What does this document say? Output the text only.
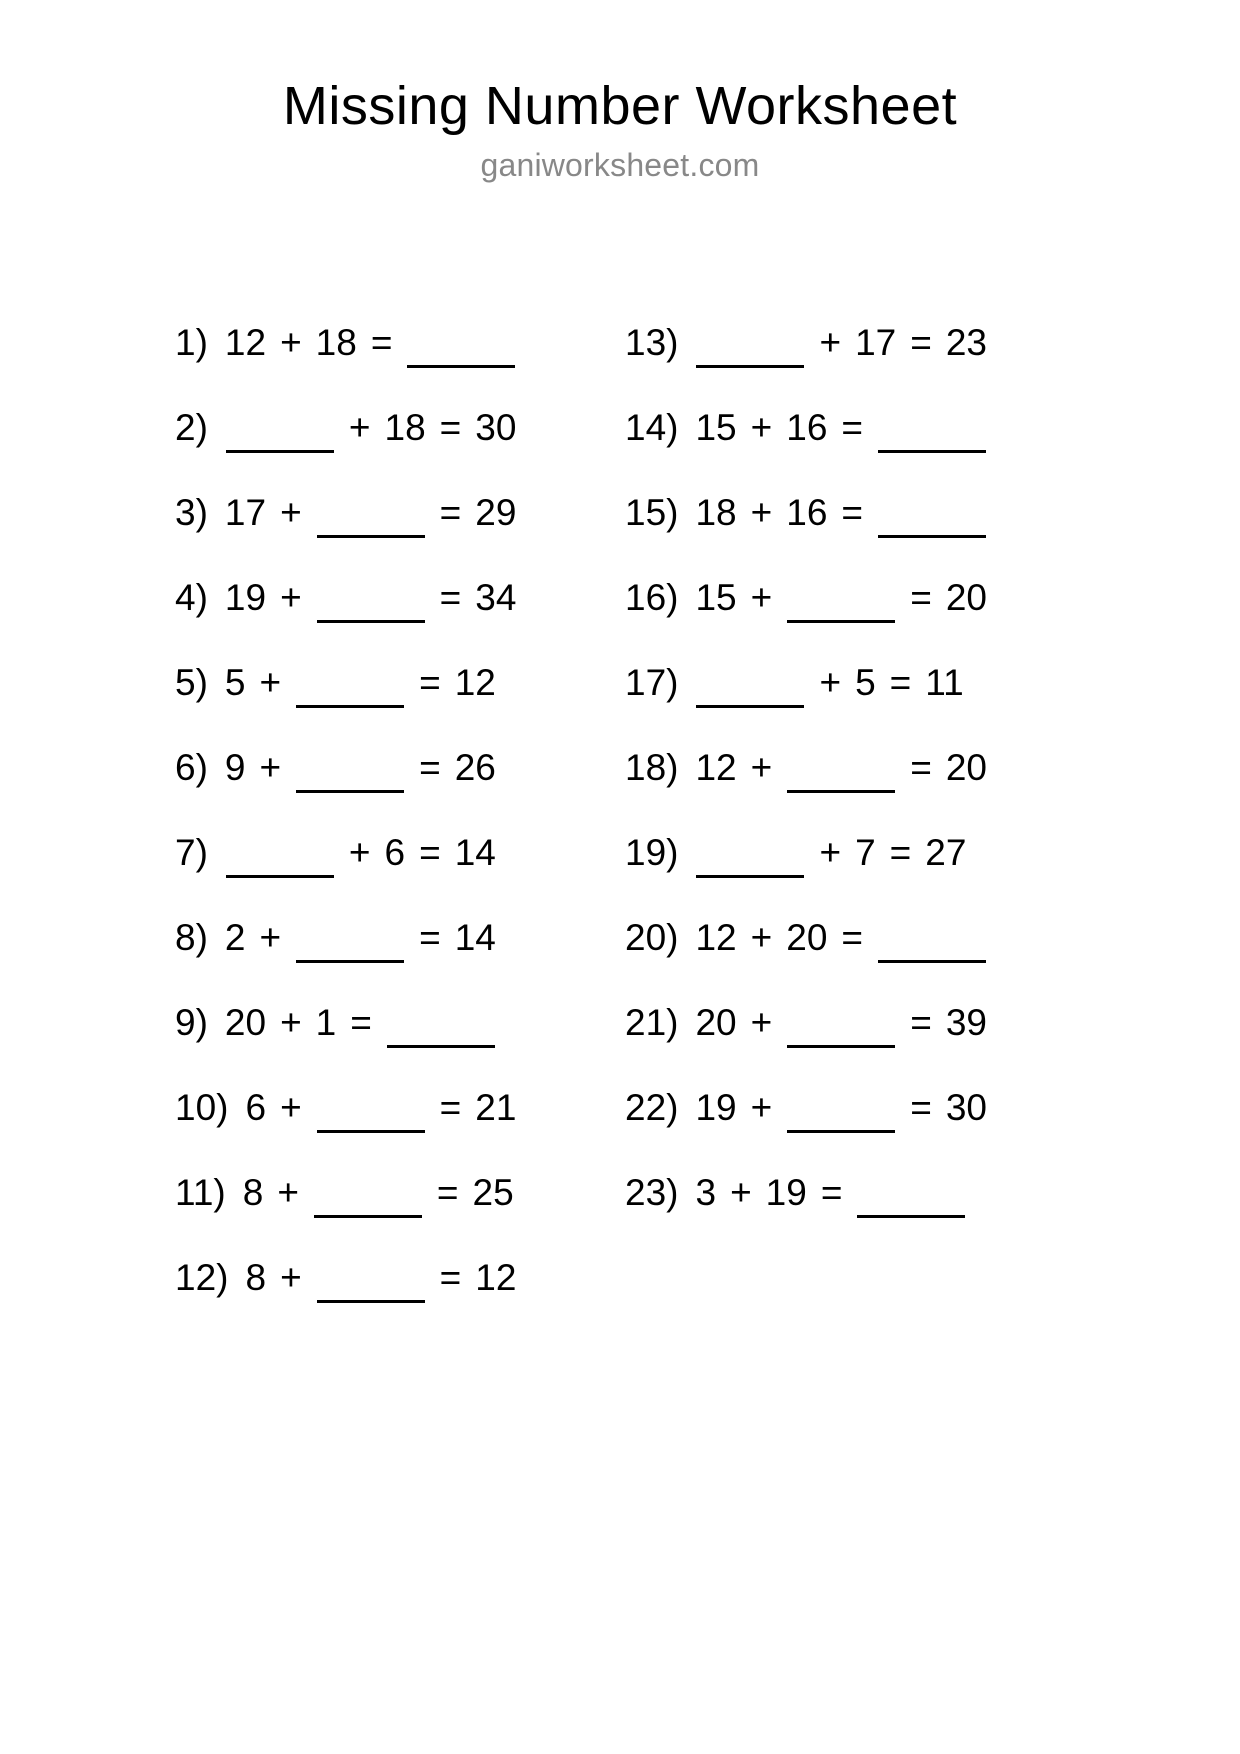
Missing Number Worksheet
ganiworksheet.com
1) 12 + 18 =
2)	+ 18 = 30
3) 17 +	= 29
4) 19 +	= 34
5) 5 +	= 12
6) 9 +	= 26
7)	+ 6 = 14
8) 2 +	= 14
9) 20 + 1 =
10) 6 +	= 21
11) 8 +	= 25
12) 8 +	= 12
13)	+ 17 = 23
14) 15 + 16 =
15) 18 + 16 =
16) 15 +	= 20
17)	+ 5 = 11
18) 12 +	= 20
19)	+ 7 = 27
20) 12 + 20 =
21) 20 +	= 39
22) 19 +	= 30
23) 3 + 19 =
